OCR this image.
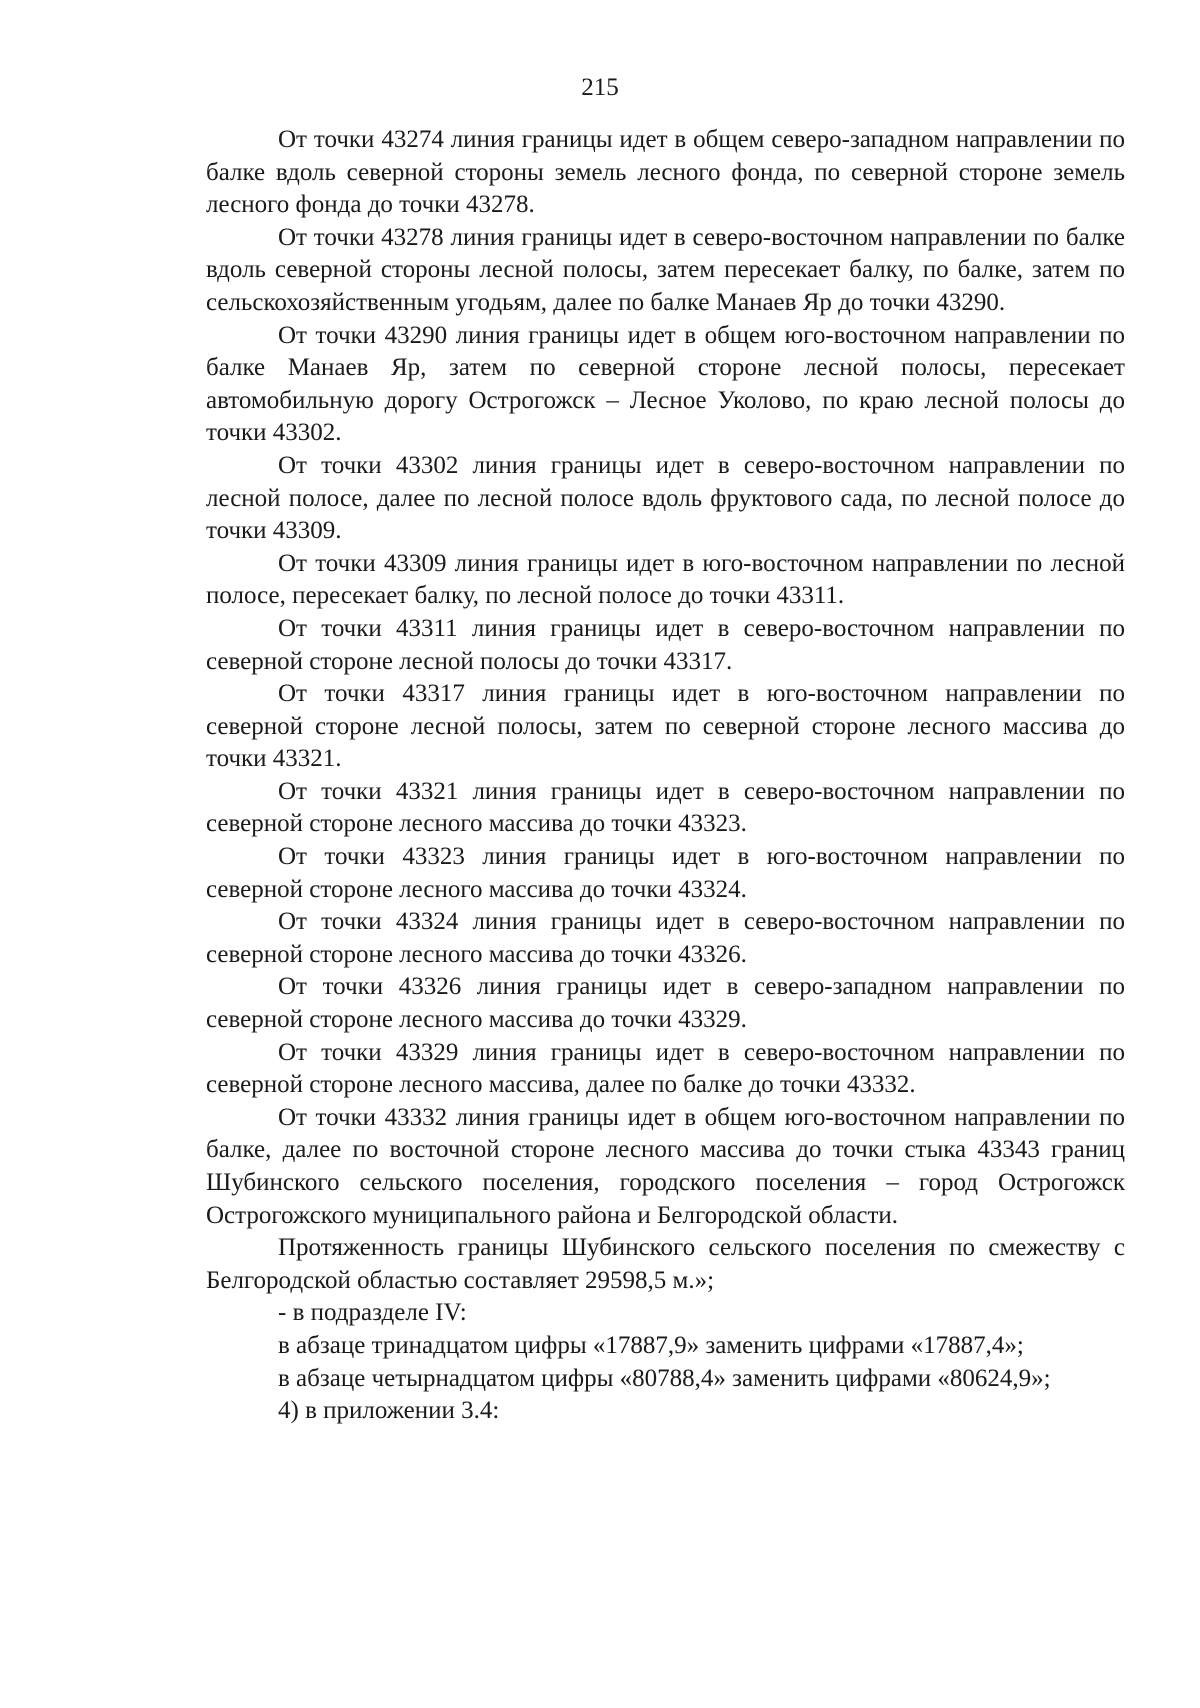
215

От точки 43274 линия границы идет в общем северо-западном направлении по балке вдоль северной стороны земель лесного фонда, по северной стороне земель лесного фонда до точки 43278.

От точки 43278 линия границы идет в северо-восточном направлении по балке вдоль северной стороны лесной полосы, затем пересекает балку, по балке, затем по сельскохозяйственным угодьям, далее по балке Манаев Яр до точки 43290.

От точки 43290 линия границы идет в общем юго-восточном направлении по балке Манаев Яр, затем по северной стороне лесной полосы, пересекает автомобильную дорогу Острогожск – Лесное Уколово, по краю лесной полосы до точки 43302.

От точки 43302 линия границы идет в северо-восточном направлении по лесной полосе, далее по лесной полосе вдоль фруктового сада, по лесной полосе до точки 43309.

От точки 43309 линия границы идет в юго-восточном направлении по лесной полосе, пересекает балку, по лесной полосе до точки 43311.

От точки 43311 линия границы идет в северо-восточном направлении по северной стороне лесной полосы до точки 43317.

От точки 43317 линия границы идет в юго-восточном направлении по северной стороне лесной полосы, затем по северной стороне лесного массива до точки 43321.

От точки 43321 линия границы идет в северо-восточном направлении по северной стороне лесного массива до точки 43323.

От точки 43323 линия границы идет в юго-восточном направлении по северной стороне лесного массива до точки 43324.

От точки 43324 линия границы идет в северо-восточном направлении по северной стороне лесного массива до точки 43326.

От точки 43326 линия границы идет в северо-западном направлении по северной стороне лесного массива до точки 43329.

От точки 43329 линия границы идет в северо-восточном направлении по северной стороне лесного массива, далее по балке до точки 43332.

От точки 43332 линия границы идет в общем юго-восточном направлении по балке, далее по восточной стороне лесного массива до точки стыка 43343 границ Шубинского сельского поселения, городского поселения – город Острогожск Острогожского муниципального района и Белгородской области.

Протяженность границы Шубинского сельского поселения по смежеству с Белгородской областью составляет 29598,5 м.»;

- в подразделе IV:

в абзаце тринадцатом цифры «17887,9» заменить цифрами «17887,4»;

в абзаце четырнадцатом цифры «80788,4» заменить цифрами «80624,9»;

4) в приложении 3.4:
